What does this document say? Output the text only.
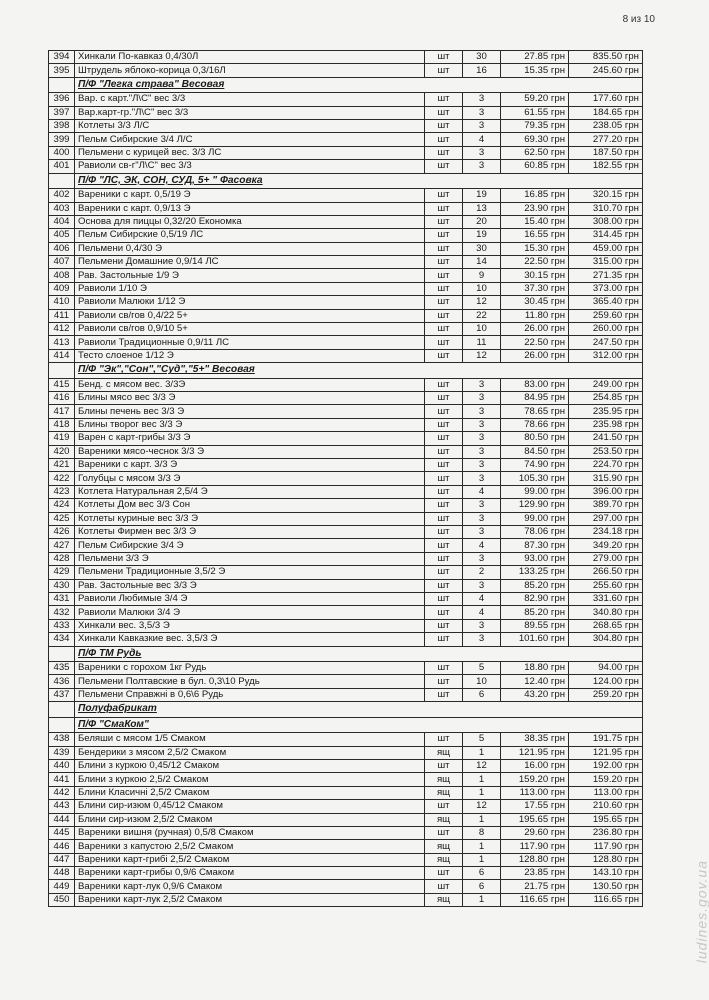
8 из 10
394	Хинкали По-кавказ 0,4/30Л	шт	30	27.85 грн	835.50 грн
395	Штрудель яблоко-корица 0,3/16Л	шт	16	15.35 грн	245.60 грн
	П/Ф "Легка страва" Весовая				
396	Вар. с карт."Л\С" вес 3/3	шт	3	59.20 грн	177.60 грн
397	Вар.карт-гр."Л\С" вес 3/3	шт	3	61.55 грн	184.65 грн
398	Котлеты 3/3 Л/С	шт	3	79.35 грн	238.05 грн
399	Пельм Сибирские 3/4 Л/С	шт	4	69.30 грн	277.20 грн
400	Пельмени с курицей вес. 3/3 ЛС	шт	3	62.50 грн	187.50 грн
401	Равиоли св-г"Л\С" вес 3/3	шт	3	60.85 грн	182.55 грн
	П/Ф "ЛС, ЭК, СОН, СУД, 5+ " Фасовка				
402	Вареники с карт. 0,5/19 Э	шт	19	16.85 грн	320.15 грн
403	Вареники с карт. 0,9/13 Э	шт	13	23.90 грн	310.70 грн
404	Основа для пиццы 0,32/20 Економка	шт	20	15.40 грн	308.00 грн
405	Пельм Сибирские 0,5/19 ЛС	шт	19	16.55 грн	314.45 грн
406	Пельмени 0,4/30 Э	шт	30	15.30 грн	459.00 грн
407	Пельмени Домашние 0,9/14 ЛС	шт	14	22.50 грн	315.00 грн
408	Рав. Застольные 1/9 Э	шт	9	30.15 грн	271.35 грн
409	Равиоли 1/10 Э	шт	10	37.30 грн	373.00 грн
410	Равиоли Малюки 1/12 Э	шт	12	30.45 грн	365.40 грн
411	Равиоли св/гов 0,4/22 5+	шт	22	11.80 грн	259.60 грн
412	Равиоли св/гов 0,9/10 5+	шт	10	26.00 грн	260.00 грн
413	Равиоли Традиционные 0,9/11 ЛС	шт	11	22.50 грн	247.50 грн
414	Тесто слоеное 1/12 Э	шт	12	26.00 грн	312.00 грн
	П/Ф "Эк","Сон","Суд","5+" Весовая				
415	Бенд. с мясом вес. 3/3Э	шт	3	83.00 грн	249.00 грн
416	Блины мясо вес 3/3 Э	шт	3	84.95 грн	254.85 грн
417	Блины печень вес 3/3 Э	шт	3	78.65 грн	235.95 грн
418	Блины творог вес 3/3 Э	шт	3	78.66 грн	235.98 грн
419	Варен с карт-грибы 3/3 Э	шт	3	80.50 грн	241.50 грн
420	Вареники мясо-чеснок 3/3 Э	шт	3	84.50 грн	253.50 грн
421	Вареники с карт. 3/3 Э	шт	3	74.90 грн	224.70 грн
422	Голубцы с мясом 3/3 Э	шт	3	105.30 грн	315.90 грн
423	Котлета Натуральная 2,5/4 Э	шт	4	99.00 грн	396.00 грн
424	Котлеты Дом вес 3/3 Сон	шт	3	129.90 грн	389.70 грн
425	Котлеты куриные вес 3/3 Э	шт	3	99.00 грн	297.00 грн
426	Котлеты Фирмен вес 3/3 Э	шт	3	78.06 грн	234.18 грн
427	Пельм Сибирские 3/4 Э	шт	4	87.30 грн	349.20 грн
428	Пельмени 3/3 Э	шт	3	93.00 грн	279.00 грн
429	Пельмени Традиционные 3,5/2 Э	шт	2	133.25 грн	266.50 грн
430	Рав. Застольные вес 3/3 Э	шт	3	85.20 грн	255.60 грн
431	Равиоли Любимые 3/4 Э	шт	4	82.90 грн	331.60 грн
432	Равиоли Малюки 3/4 Э	шт	4	85.20 грн	340.80 грн
433	Хинкали вес. 3,5/3 Э	шт	3	89.55 грн	268.65 грн
434	Хинкали Кавказкие вес. 3,5/3 Э	шт	3	101.60 грн	304.80 грн
	П/Ф ТМ Рудь				
435	Вареники с горохом 1кг Рудь	шт	5	18.80 грн	94.00 грн
436	Пельмени Полтавские в бул. 0,3\10 Рудь	шт	10	12.40 грн	124.00 грн
437	Пельмени Справжні в 0,6\6 Рудь	шт	6	43.20 грн	259.20 грн
	Полуфабрикат				
	П/Ф "СмаКом"				
438	Беляши с мясом 1/5 Смаком	шт	5	38.35 грн	191.75 грн
439	Бендерики з мясом 2,5/2 Смаком	ящ	1	121.95 грн	121.95 грн
440	Блини з куркою 0,45/12 Смаком	шт	12	16.00 грн	192.00 грн
441	Блини з куркою 2,5/2 Смаком	ящ	1	159.20 грн	159.20 грн
442	Блини Класичні 2,5/2 Смаком	ящ	1	113.00 грн	113.00 грн
443	Блини сир-изюм 0,45/12 Смаком	шт	12	17.55 грн	210.60 грн
444	Блини сир-изюм 2,5/2 Смаком	ящ	1	195.65 грн	195.65 грн
445	Вареники вишня (ручная) 0,5/8 Смаком	шт	8	29.60 грн	236.80 грн
446	Вареники з капустою 2,5/2 Смаком	ящ	1	117.90 грн	117.90 грн
447	Вареники карт-грибі 2,5/2 Смаком	ящ	1	128.80 грн	128.80 грн
448	Вареники карт-грибы 0,9/6 Смаком	шт	6	23.85 грн	143.10 грн
449	Вареники карт-лук 0,9/6 Смаком	шт	6	21.75 грн	130.50 грн
450	Вареники карт-лук 2,5/2 Смаком	ящ	1	116.65 грн	116.65 грн	ludines.gov.ua
